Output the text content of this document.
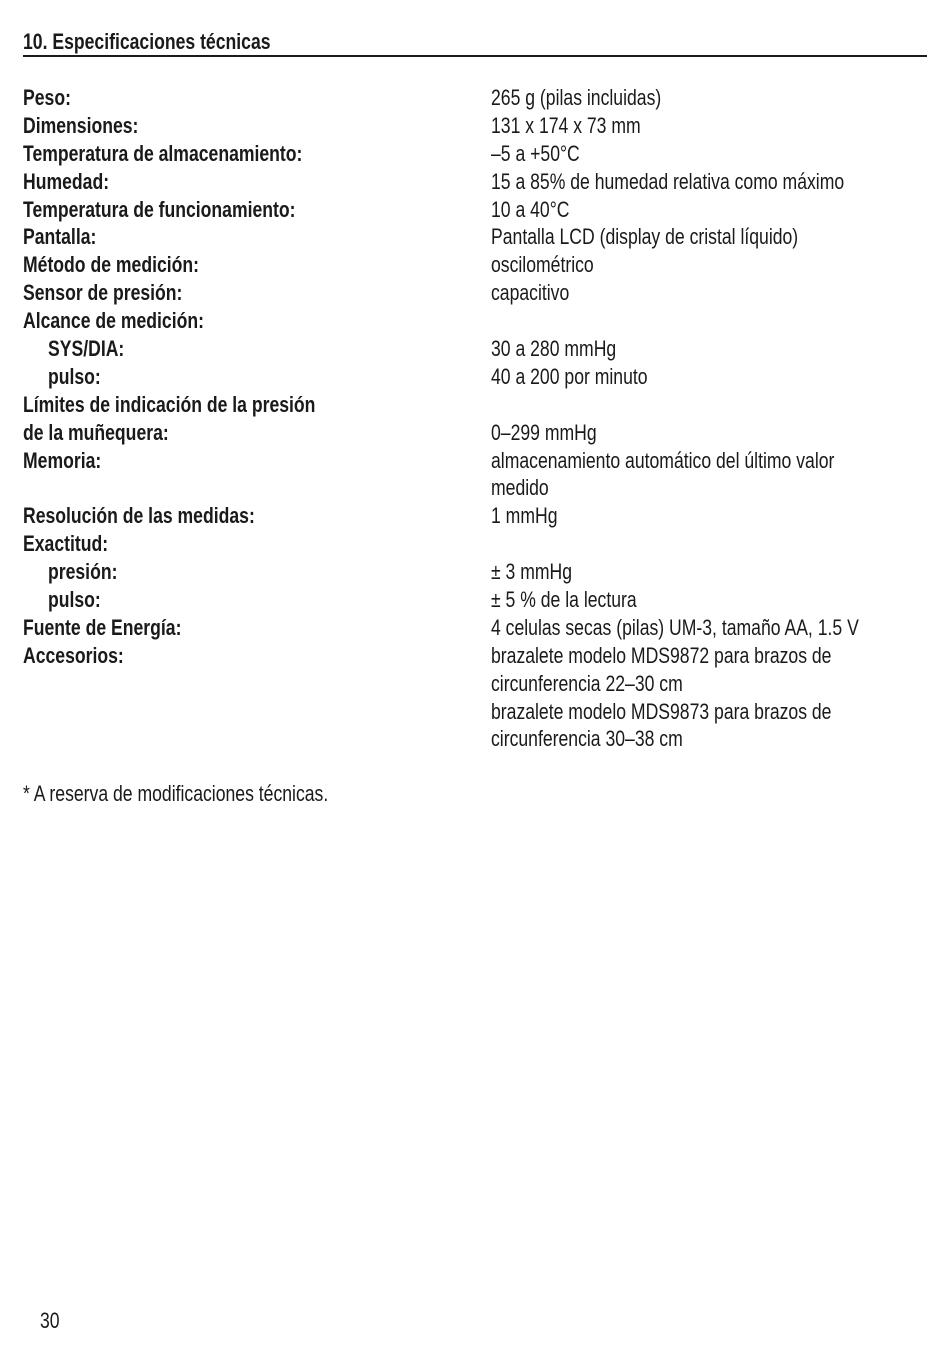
10. Especificaciones técnicas
Peso:	265 g (pilas incluidas)
Dimensiones:	131 x 174 x 73 mm
Temperatura de almacenamiento:	–5 a +50°C
Humedad:	15 a 85% de humedad relativa como máximo
Temperatura de funcionamiento:	10 a 40°C
Pantalla:	Pantalla LCD (display de cristal líquido)
Método de medición:	oscilométrico
Sensor de presión:	capacitivo
Alcance de medición:
SYS/DIA:	30 a 280 mmHg
pulso:	40 a 200 por minuto
Límites de indicación de la presión
de la muñequera:	0–299 mmHg
Memoria:	almacenamiento automático del último valor
medido
Resolución de las medidas:	1 mmHg
Exactitud:
presión:	± 3 mmHg
pulso:	± 5 % de la lectura
Fuente de Energía:	4 celulas secas (pilas) UM-3, tamaño AA, 1.5 V
Accesorios:	brazalete modelo MDS9872 para brazos de
circunferencia 22–30 cm
brazalete modelo MDS9873 para brazos de
circunferencia 30–38 cm
* A reserva de modificaciones técnicas.
30
